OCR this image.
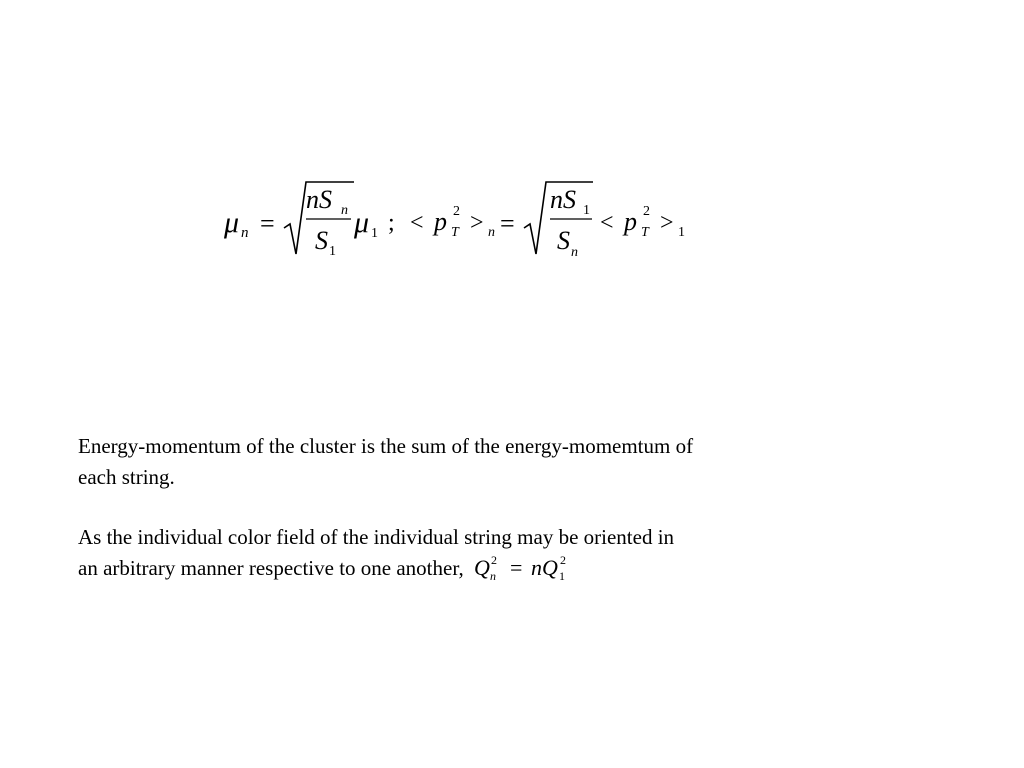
μ n =
nS n
S 1
μ 1 ; < p 2
T > n =
nS 1
S n
< p 2
T > 1

Energy-momentum of the cluster is the sum of the energy-momemtum of
each string.

As the individual color field of the individual string may be oriented in
an arbitrary manner respective to one another, Q 2
n = n Q 2
1
